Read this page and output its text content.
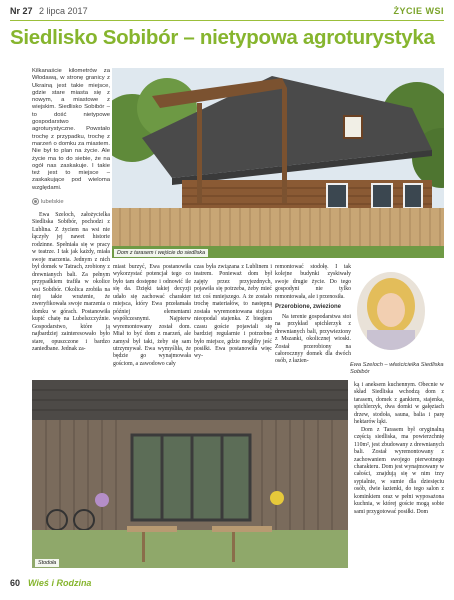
Nr 27 2 lipca 2017	ŻYCIE WSI
Siedlisko Sobibór – nietypowa agroturystyka
Kilkanaście kilometrów za Włodawą, w stronę granicy z Ukrainą jest takie miejsce, gdzie stare miasta się z nowym, a miastowe z wiejskim. Siedlisko Sobibór – to dość nietypowe gospodarstwo agroturystyczne. Powstało trochę z przypadku, trochę z marzeń o domku za miastem. Nie był to plan na życie. Ale życie ma to do siebie, że na ogół nas zaskakuje. I takie też jest to miejsce – zaskakujące pod wieloma względami.
lubelskie
Dom z tarasem i wejście do siedliska

Ewa Szeloch, założycielka Siedliska Sobibór, pochodzi z Lublina. Z życiem na wsi nie łączyły jej nawet historie rodzinne. Spełniała się w pracy w teatrze. I tak jak każdy, miała swoje marzenia. Jednym z nich był domek w Tatrach, zrobiony z drewnianych bali. Za pełnym przypadkiem trafiła w okolice wsi Sobibór. Okolica zrobiła na niej takie wrażenie, że zweryfikowała swoje marzenia o domku w górach. Postanowiła kupić chatę na Lubelszczyźnie. Gospodarstwo, które ją najbardziej zainteresowało było stare, opuszczone i bardzo zaniedbane. Jednak za-

miast burzyć, Ewa postanowiła wykorzystać potencjał tego co było tam dostępne i odnowić ile się da. Dzięki takiej decyzji udało się zachować charakter miejsca, który Ewa przełamała później elementami współczesnymi. Najpierw wyremontowany został dom. Miał to być dom z marzeń, ale zamysł był taki, żeby się sam utrzymywał. Ewa wymyśliła, że będzie go wynajmowała gościom, a zawodowo cały

czas była związana z Lublinem i teatrem. Ponieważ dom był zajęty przez przyjezdnych, pojawiła się potrzeba, żeby mieć też coś mniejszego. A że zostało trochę materiałów, to następną została wyremontowana stojąca nieopodal stajenka. Z biegiem czasu goście pojawiali się bardziej regularnie i potrzebne było miejsce, gdzie mogliby jeść posiłki. Ewa postanowiła więc wy-

remontować stodołę. I tak kolejne budynki zyskiwały swoje drugie życie. Do tego gospodyni nie tylko remontowała, ale i przenosiła.

Przerobione, zwiezione

Na terenie gospodarstwa stoi na przykład spichlerzyk z drewnianych bali, przywieziony z Mszanki, okolicznej wioski. Został przerobiony na całorocznyy domek dla dwóch osób, z łazien-

Ewa Szeloch – właścicielka Siedliska Sobibór
Stodoła

ką i aneksem kuchennym. Obecnie w skład Siedliska wchodzą dom z tarasem, domek z gankiem, stajenka, spichlerzyk, dwa domki w gałęziach drzew, stodoła, sauna, balia i parę hektarów łąki.

Dom z Tarasem był oryginalną częścią siedliska, ma powierzchnię 110m², jest zbudowany z drewnianych bali. Został wyremontowany z zachowaniem swojego pierwotnego charakteru. Dom jest wynajmowany w całości, znajdują się w nim trzy sypialnie, w sumie dla dziesięciu osób, dwie łazienki, do tego salon z kominkiem oraz w pełni wyposażona kuchnia, w której goście mogą sobie sami przygotować posiłki. Dom

60 Wieś i Rodzina
